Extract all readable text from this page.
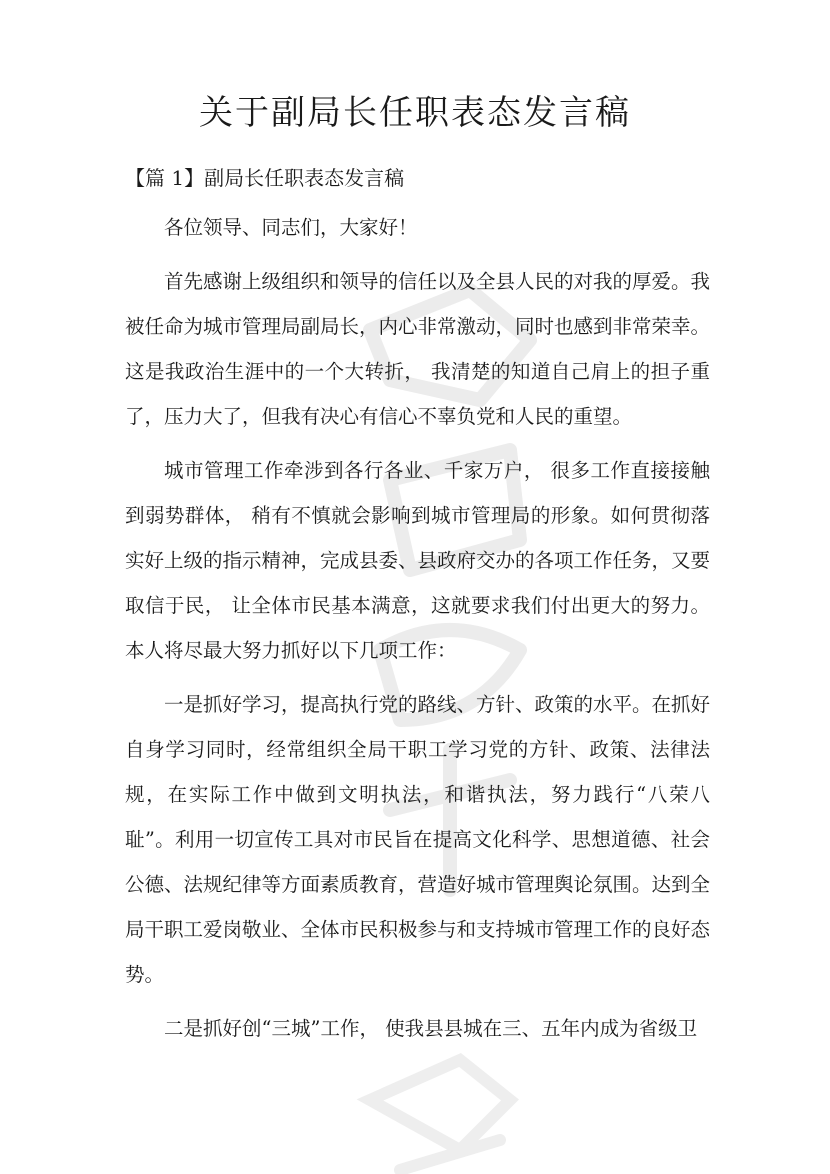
关于副局长任职表态发言稿

【篇 1】副局长任职表态发言稿

各位领导、同志们，大家好！

首先感谢上级组织和领导的信任以及全县人民的对我的厚爱。我被任命为城市管理局副局长，内心非常激动，同时也感到非常荣幸。这是我政治生涯中的一个大转折， 我清楚的知道自己肩上的担子重了，压力大了，但我有决心有信心不辜负党和人民的重望。

城市管理工作牵涉到各行各业、千家万户， 很多工作直接接触到弱势群体， 稍有不慎就会影响到城市管理局的形象。如何贯彻落实好上级的指示精神，完成县委、县政府交办的各项工作任务，又要取信于民， 让全体市民基本满意，这就要求我们付出更大的努力。 本人将尽最大努力抓好以下几项工作：

一是抓好学习，提高执行党的路线、方针、政策的水平。在抓好自身学习同时，经常组织全局干职工学习党的方针、政策、法律法规，在实际工作中做到文明执法，和谐执法，努力践行“八荣八耻”。利用一切宣传工具对市民旨在提高文化科学、思想道德、社会公德、法规纪律等方面素质教育，营造好城市管理舆论氛围。达到全局干职工爱岗敬业、全体市民积极参与和支持城市管理工作的良好态势。

二是抓好创“三城”工作， 使我县县城在三、五年内成为省级卫
